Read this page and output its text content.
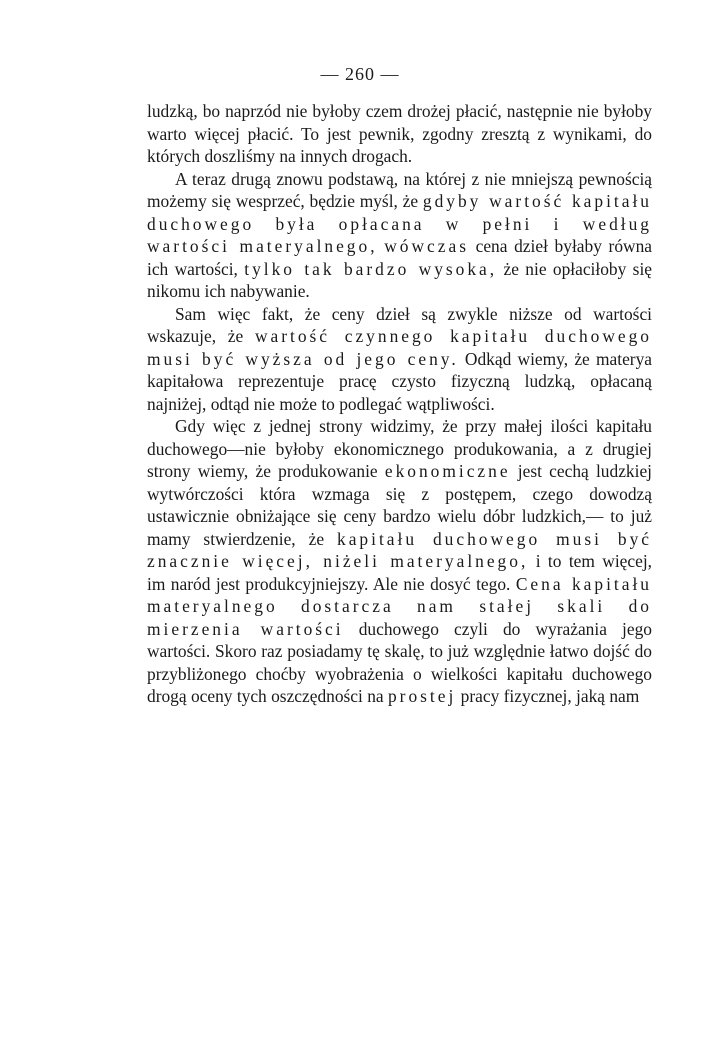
— 260 —

ludzką, bo naprzód nie byłoby czem drożej płacić, następnie nie byłoby warto więcej płacić. To jest pewnik, zgodny zresztą z wynikami, do których doszliśmy na innych drogach.

A teraz drugą znowu podstawą, na której z nie mniejszą pewnością możemy się wesprzeć, będzie myśl, że gdyby wartość kapitału duchowego była opłacana w pełni i według wartości materyalnego, wówczas cena dzieł byłaby równa ich wartości, tylko tak bardzo wysoka, że nie opłaciłoby się nikomu ich nabywanie.

Sam więc fakt, że ceny dzieł są zwykle niższe od wartości wskazuje, że wartość czynnego kapitału duchowego musi być wyższa od jego ceny. Odkąd wiemy, że materya kapitałowa reprezentuje pracę czysto fizyczną ludzką, opłacaną najniżej, odtąd nie może to podlegać wątpliwości.

Gdy więc z jednej strony widzimy, że przy małej ilości kapitału duchowego—nie byłoby ekonomicznego produkowania, a z drugiej strony wiemy, że produkowanie ekonomiczne jest cechą ludzkiej wytwórczości która wzmaga się z postępem, czego dowodzą ustawicznie obniżające się ceny bardzo wielu dóbr ludzkich,— to już mamy stwierdzenie, że kapitału duchowego musi być znacznie więcej, niżeli materyalnego, i to tem więcej, im naród jest produkcyjniejszy. Ale nie dosyć tego. Cena kapitału materyalnego dostarcza nam stałej skali do mierzenia wartości duchowego czyli do wyrażania jego wartości. Skoro raz posiadamy tę skalę, to już względnie łatwo dojść do przybliżonego choćby wyobrażenia o wielkości kapitału duchowego drogą oceny tych oszczędności na prostej pracy fizycznej, jaką nam
